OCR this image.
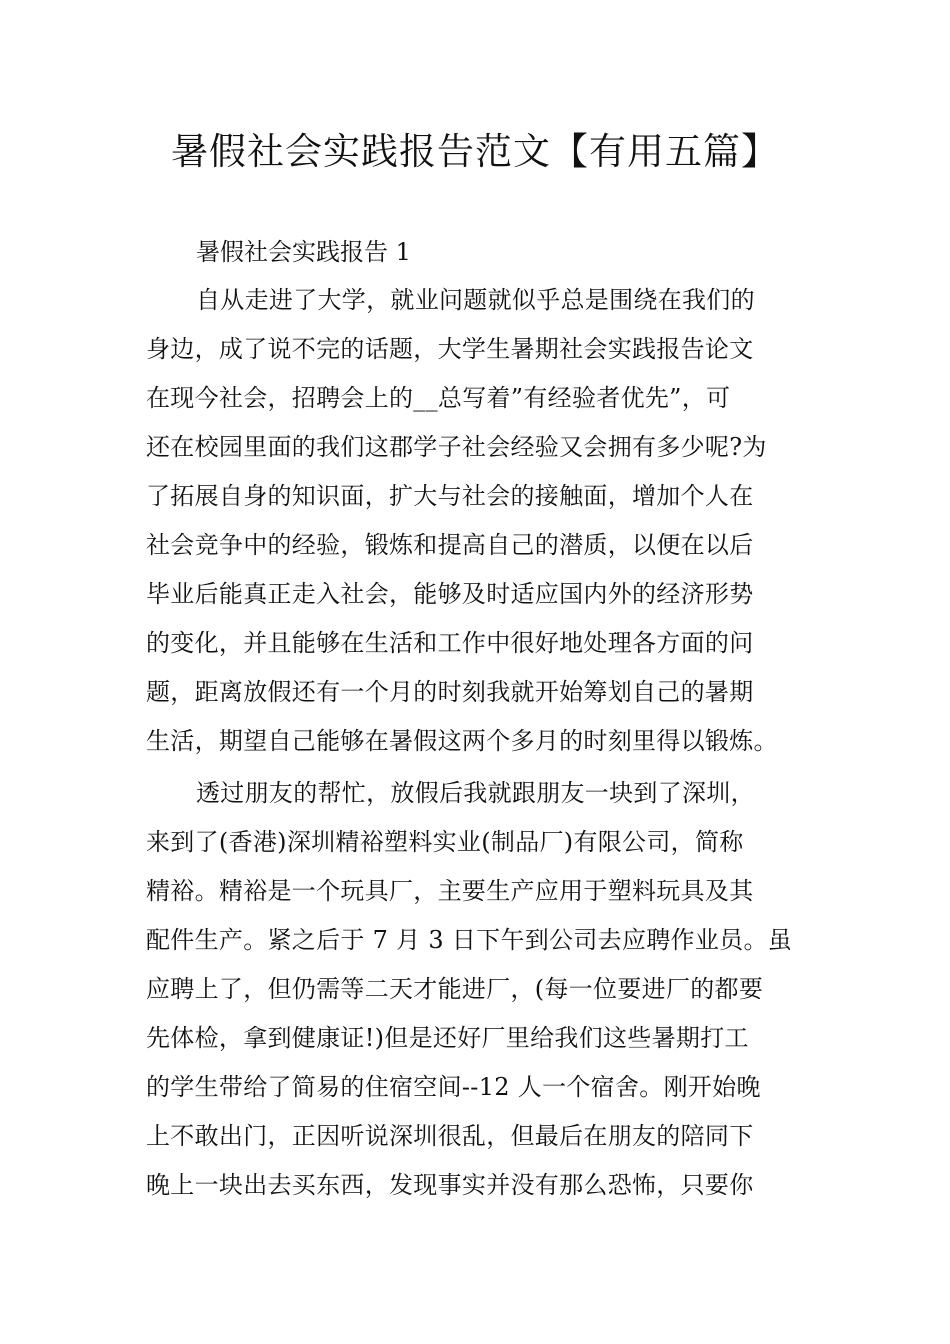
暑假社会实践报告范文【有用五篇】
暑假社会实践报告 1
自从走进了大学，就业问题就似乎总是围绕在我们的
身边，成了说不完的话题，大学生暑期社会实践报告论文
在现今社会，招聘会上的__总写着”有经验者优先”，可
还在校园里面的我们这郡学子社会经验又会拥有多少呢?为
了拓展自身的知识面，扩大与社会的接触面，增加个人在
社会竞争中的经验，锻炼和提高自己的潜质，以便在以后
毕业后能真正走入社会，能够及时适应国内外的经济形势
的变化，并且能够在生活和工作中很好地处理各方面的问
题，距离放假还有一个月的时刻我就开始筹划自己的暑期
生活，期望自己能够在暑假这两个多月的时刻里得以锻炼。
透过朋友的帮忙，放假后我就跟朋友一块到了深圳，
来到了(香港)深圳精裕塑料实业(制品厂)有限公司，简称
精裕。精裕是一个玩具厂，主要生产应用于塑料玩具及其
配件生产。紧之后于 7 月 3 日下午到公司去应聘作业员。虽
应聘上了，但仍需等二天才能进厂，(每一位要进厂的都要
先体检，拿到健康证!)但是还好厂里给我们这些暑期打工
的学生带给了简易的住宿空间--12 人一个宿舍。刚开始晚
上不敢出门，正因听说深圳很乱，但最后在朋友的陪同下
晚上一块出去买东西，发现事实并没有那么恐怖，只要你
